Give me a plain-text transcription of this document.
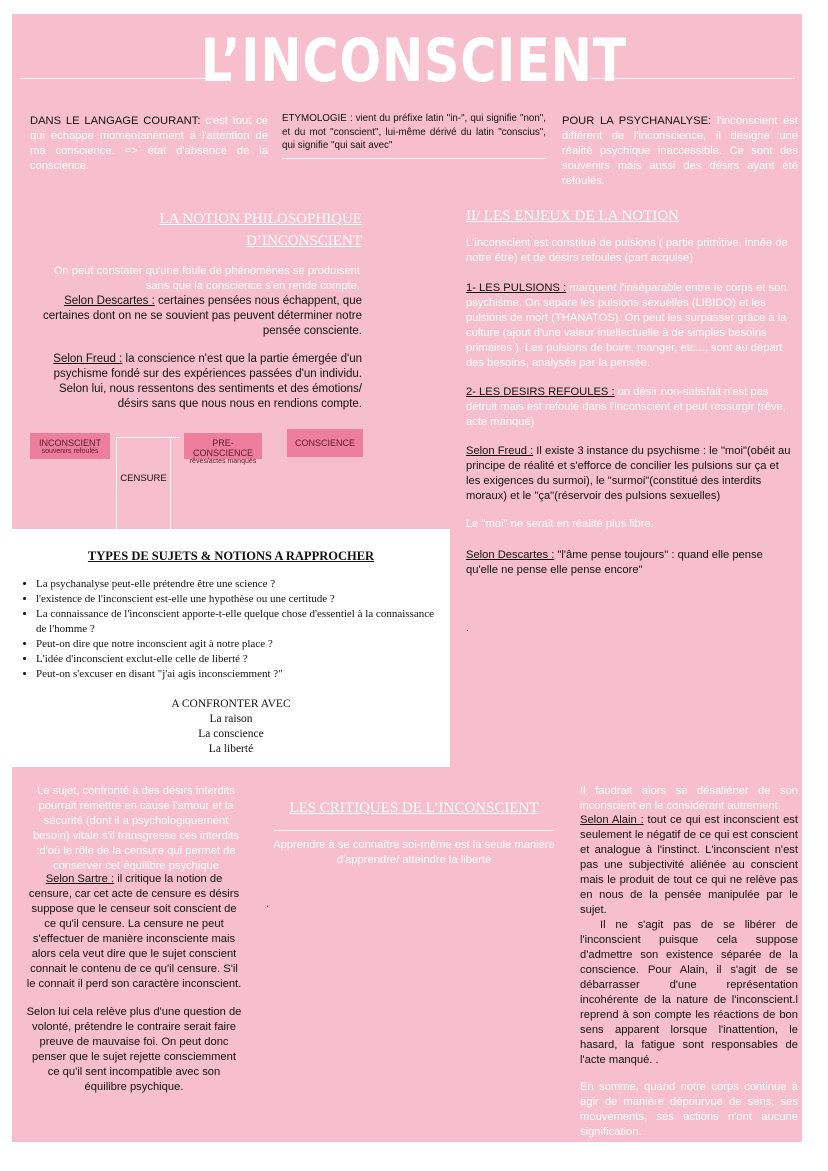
L’INCONSCIENT
DANS LE LANGAGE COURANT: c'est tout ce qui échappe momentanément à l'attention de ma conscience. => état d'absence de la conscience.
ETYMOLOGIE : vient du préfixe latin "in-", qui signifie "non", et du mot "conscient", lui-même dérivé du latin "conscius", qui signifie "qui sait avec"
POUR LA PSYCHANALYSE: l'inconscient est différent de l'inconscience, il désigne une réalité psychique inaccessible. Ce sont des souvenirs mais aussi des désirs ayant été refoulés.
LA NOTION PHILOSOPHIQUE
D’INCONSCIENT
On peut constater qu'une foule de phénomènes se produisent sans que la conscience s'en rende compte.
Selon Descartes : certaines pensées nous échappent, que certaines dont on ne se souvient pas peuvent déterminer notre pensée consciente.
Selon Freud : la conscience n'est que la partie émergée d'un psychisme fondé sur des expériences passées d'un individu. Selon lui, nous ressentons des sentiments et des émotions/ désirs sans que nous nous en rendions compte.
INCONSCIENT
souvenirs refoulés
PRE-CONSCIENCE
rêves/actes manqués
CONSCIENCE
CENSURE
II/ LES ENJEUX DE LA NOTION
L'inconscient est constitué de pulsions ( partie primitive, innée de notre être) et de désirs refoulés (part acquise)
1- LES PULSIONS : marquent l'inséparable entre le corps et son psychisme. On sépare les pulsions sexuelles (LIBIDO) et les pulsions de mort (THANATOS). On peut les surpasser grâce à la culture (ajout d'une valeur intellectuelle à de simples besoins primaires ). Les pulsions de boire, manger, etc..., sont au départ des besoins, analysés par la pensée.
2- LES DESIRS REFOULES : un désir non-satisfait n'est pas détruit mais est refoulé dans l'inconscient et peut ressurgir (rêve, acte manqué)
Selon Freud : Il existe 3 instance du psychisme : le "moi"(obéit au principe de réalité et s'efforce de concilier les pulsions sur ça et les exigences du surmoi), le "surmoi"(constitué des interdits moraux) et le "ça"(réservoir des pulsions sexuelles)
Le "moi" ne serait en réalité plus libre.
Selon Descartes : "l'âme pense toujours" : quand elle pense qu'elle ne pense elle pense encore"
.
TYPES DE SUJETS & NOTIONS A RAPPROCHER
• La psychanalyse peut-elle prétendre être une science ?
• l'existence de l'inconscient est-elle une hypothèse ou une certitude ?
• La connaissance de l'inconscient apporte-t-elle quelque chose d'essentiel à la connaissance de l'homme ?
• Peut-on dire que notre inconscient agit à notre place ?
• L'idée d'inconscient exclut-elle celle de liberté ?
• Peut-on s'excuser en disant "j'ai agis inconsciemment ?"
A CONFRONTER AVEC
La raison
La conscience
La liberté
Le sujet, confronté à des désirs interdits pourrait remettre en cause l'amour et la sécurité (dont il a psychologiquement besoin) vitale s'il transgresse ces interdits :d'où le rôle de la censure qui permet de conserver cet équilibre psychique
Selon Sartre : il critique la notion de censure, car cet acte de censure es désirs suppose que le censeur soit conscient de ce qu'il censure. La censure ne peut s'effectuer de manière inconsciente mais alors cela veut dire que le sujet conscient connait le contenu de ce qu'il censure. S'il le connait il perd son caractère inconscient.
Selon lui cela relève plus d'une question de volonté, prétendre le contraire serait faire preuve de mauvaise foi. On peut donc penser que le sujet rejette consciemment ce qu'il sent incompatible avec son équilibre psychique.
LES CRITIQUES DE L’INCONSCIENT
Apprendre à se connaître soi-même est la seule manière d'apprendre/ atteindre la liberté
.
Il faudrait alors se désaliéner de son inconscient en le considérant autrement.
Selon Alain : tout ce qui est inconscient est seulement le négatif de ce qui est conscient et analogue à l'instinct. L'inconscient n'est pas une subjectivité aliénée au conscient mais le produit de tout ce qui ne relève pas en nous de la pensée manipulée par le sujet.
Il ne s'agit pas de se libérer de l'inconscient puisque cela suppose d'admettre son existence séparée de la conscience. Pour Alain, il s'agit de se débarrasser d'une représentation incohérente de la nature de l'inconscient.l reprend à son compte les réactions de bon sens apparent lorsque l'inattention, le hasard, la fatigue sont responsables de l'acte manqué. .
En somme, quand notre corps continue à agir de manière dépourvue de sens, ses mouvements, ses actions n'ont aucune signification.
